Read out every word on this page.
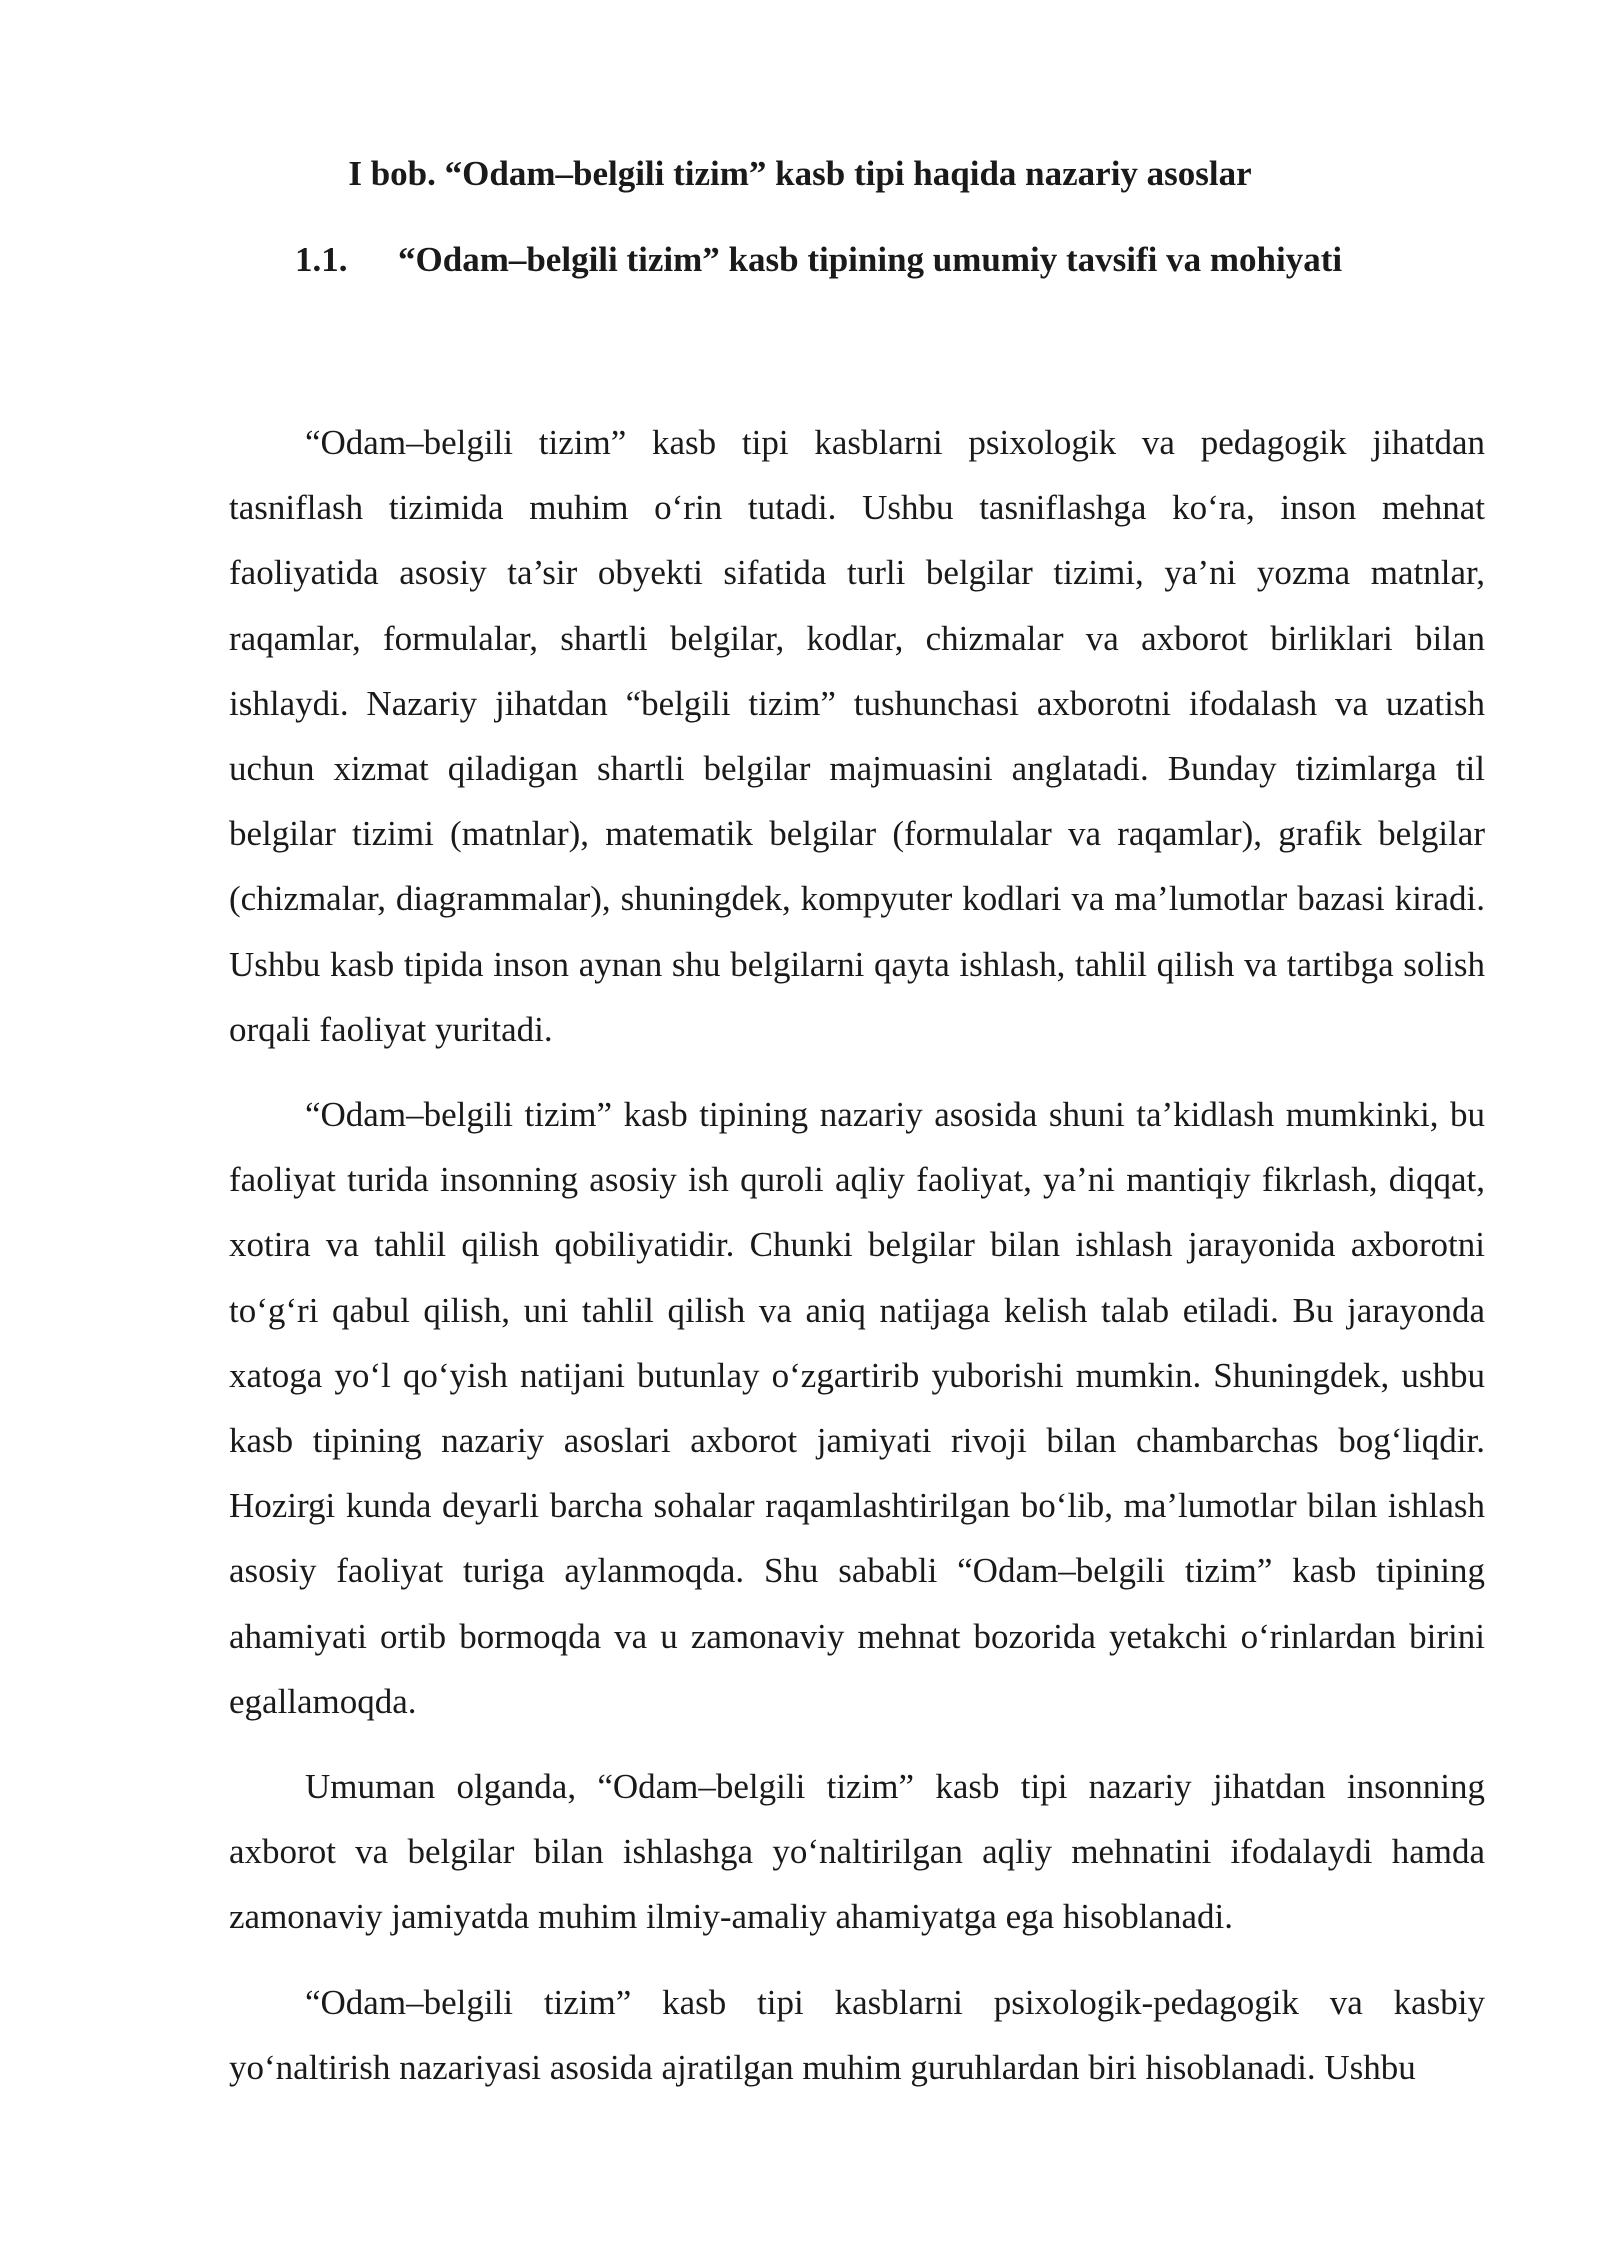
I bob. “Odam–belgili tizim” kasb tipi haqida nazariy asoslar
1.1. “Odam–belgili tizim” kasb tipining umumiy tavsifi va mohiyati

“Odam–belgili tizim” kasb tipi kasblarni psixologik va pedagogik jihatdan tasniflash tizimida muhim o‘rin tutadi. Ushbu tasniflashga ko‘ra, inson mehnat faoliyatida asosiy ta’sir obyekti sifatida turli belgilar tizimi, ya’ni yozma matnlar, raqamlar, formulalar, shartli belgilar, kodlar, chizmalar va axborot birliklari bilan ishlaydi. Nazariy jihatdan “belgili tizim” tushunchasi axborotni ifodalash va uzatish uchun xizmat qiladigan shartli belgilar majmuasini anglatadi. Bunday tizimlarga til belgilar tizimi (matnlar), matematik belgilar (formulalar va raqamlar), grafik belgilar (chizmalar, diagrammalar), shuningdek, kompyuter kodlari va ma’lumotlar bazasi kiradi. Ushbu kasb tipida inson aynan shu belgilarni qayta ishlash, tahlil qilish va tartibga solish orqali faoliyat yuritadi.

“Odam–belgili tizim” kasb tipining nazariy asosida shuni ta’kidlash mumkinki, bu faoliyat turida insonning asosiy ish quroli aqliy faoliyat, ya’ni mantiqiy fikrlash, diqqat, xotira va tahlil qilish qobiliyatidir. Chunki belgilar bilan ishlash jarayonida axborotni to‘g‘ri qabul qilish, uni tahlil qilish va aniq natijaga kelish talab etiladi. Bu jarayonda xatoga yo‘l qo‘yish natijani butunlay o‘zgartirib yuborishi mumkin. Shuningdek, ushbu kasb tipining nazariy asoslari axborot jamiyati rivoji bilan chambarchas bog‘liqdir. Hozirgi kunda deyarli barcha sohalar raqamlashtirilgan bo‘lib, ma’lumotlar bilan ishlash asosiy faoliyat turiga aylanmoqda. Shu sababli “Odam–belgili tizim” kasb tipining ahamiyati ortib bormoqda va u zamonaviy mehnat bozorida yetakchi o‘rinlardan birini egallamoqda.

Umuman olganda, “Odam–belgili tizim” kasb tipi nazariy jihatdan insonning axborot va belgilar bilan ishlashga yo‘naltirilgan aqliy mehnatini ifodalaydi hamda zamonaviy jamiyatda muhim ilmiy-amaliy ahamiyatga ega hisoblanadi.

“Odam–belgili tizim” kasb tipi kasblarni psixologik-pedagogik va kasbiy yo‘naltirish nazariyasi asosida ajratilgan muhim guruhlardan biri hisoblanadi. Ushbu
